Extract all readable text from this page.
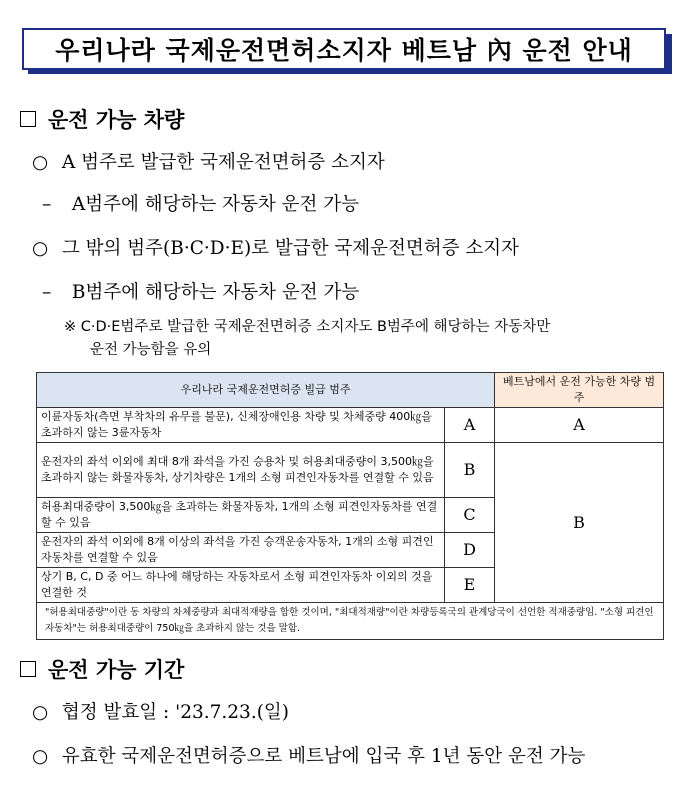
우리나라 국제운전면허소지자 베트남 內 운전 안내
운전 가능 차량
○ A 범주로 발급한 국제운전면허증 소지자
– A범주에 해당하는 자동차 운전 가능
○ 그 밖의 범주(B·C·D·E)로 발급한 국제운전면허증 소지자
– B범주에 해당하는 자동차 운전 가능
※ C·D·E범주로 발급한 국제운전면허증 소지자도 B범주에 해당하는 자동차만
운전 가능함을 유의
우리나라 국제운전면허증 빌급 범주		베트남에서 운전 가능한 차량 범주
이륜자동차(측면 부착차의 유무를 불문), 신체장애인용 차량 및 차체중량 400㎏을 초과하지 않는 3륜자동차	A	A
운전자의 좌석 이외에 최대 8개 좌석을 가진 승용차 및 허용최대중량이 3,500㎏을 초과하지 않는 화물자동차, 상기차량은 1개의 소형 피견인자동차를 연결할 수 있음	B	B
허용최대중량이 3,500㎏을 초과하는 화물자동차, 1개의 소형 피견인자동차를 연결할 수 있음	C	
운전자의 좌석 이외에 8개 이상의 좌석을 가진 승객운송자동차, 1개의 소형 피견인자동차를 연결할 수 있음	D	
상기 B, C, D 중 어느 하나에 해당하는 자동차로서 소형 피견인자동차 이외의 것을 연결한 것	E	
"허용최대중량"이란 동 차량의 차체중량과 최대적재량을 합한 것이며, "최대적재량"이란 차량등록국의 관계당국이 선언한 적재중량임. "소형 피견인자동차"는 허용최대중량이 750㎏을 초과하지 않는 것을 말함.		
운전 가능 기간
○ 협정 발효일 : '23.7.23.(일)
○ 유효한 국제운전면허증으로 베트남에 입국 후 1년 동안 운전 가능
